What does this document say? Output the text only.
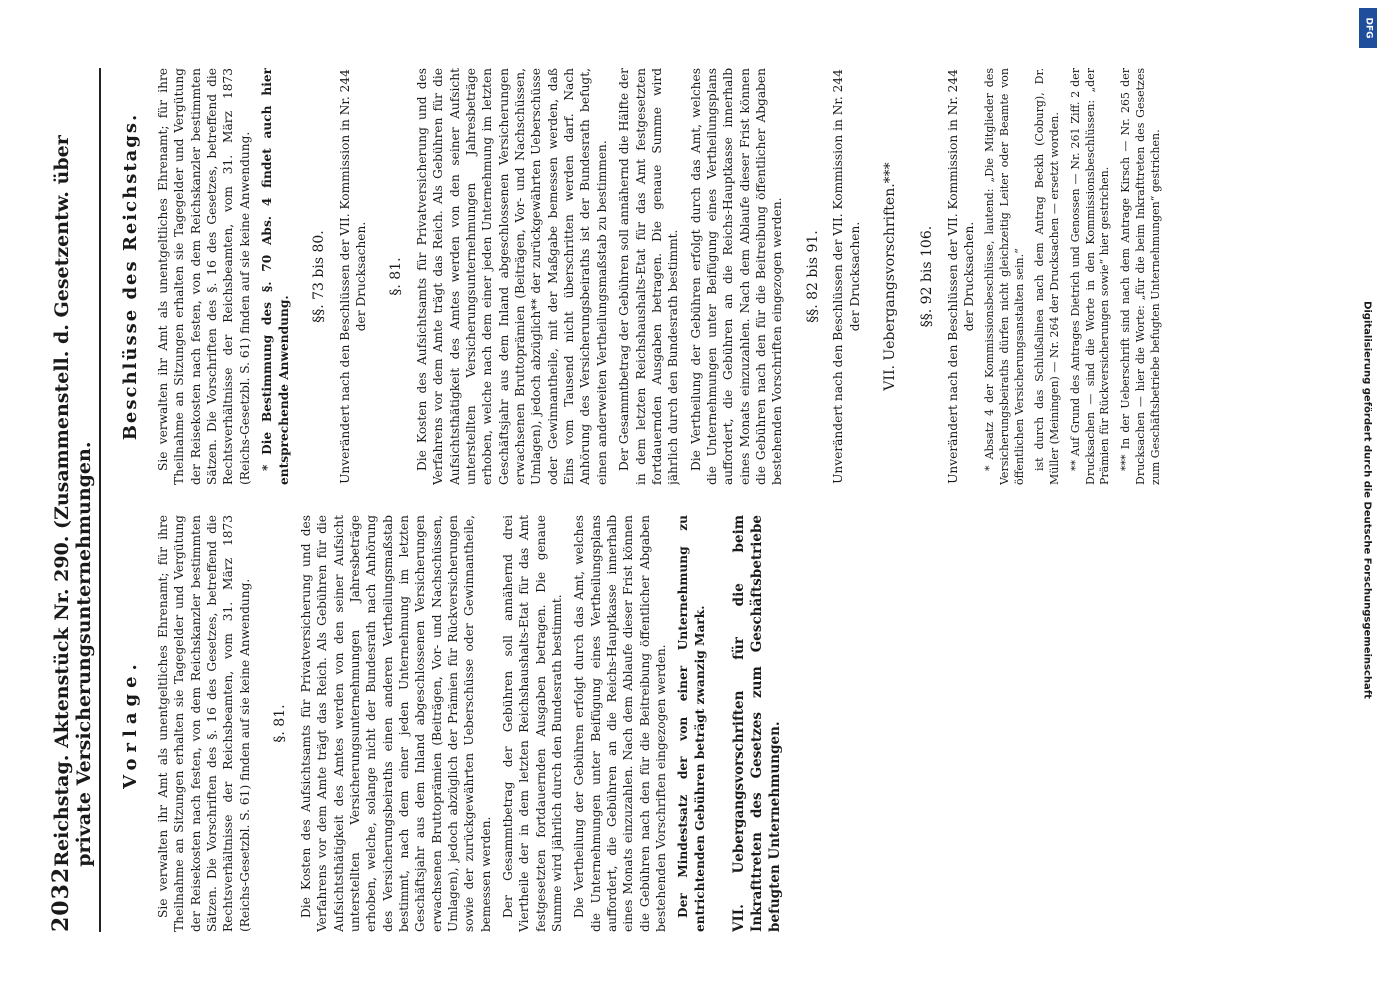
2032
Reichstag. Aktenstück Nr. 290. (Zusammenstell. d. Gesetzentw. über private Versicherungsunternehmungen. Vorlage. Sie verwalten ihr Amt als unentgeltliches Ehrenamt; für ihre Theilnahme an Sitzungen erhalten sie Tagegelder und Vergütung der Reisekosten nach festen, von dem Reichskanzler bestimmten Sätzen. Die Vorschriften des §. 16 des Gesetzes, betreffend die Rechtsverhältnisse der Reichsbeamten, vom 31. März 1873 (Reichs-Gesetzbl. S. 61) finden auf sie keine Anwendung. §. 81. Die Kosten des Aufsichtsamts für Privatversicherung und des Verfahrens vor dem Amte trägt das Reich. Als Gebühren für die Aufsichtsthätigkeit des Amtes werden von den seiner Aufsicht unterstellten Versicherungsunternehmungen Jahresbeträge erhoben, welche, solange nicht der Bundesrath nach Anhörung des Versicherungsbeiraths einen anderen Vertheilungsmaßstab bestimmt, nach dem einer jeden Unternehmung im letzten Geschäftsjahr aus dem Inland abgeschlossenen Versicherungen erwachsenen Bruttoprämien (Beiträgen, Vor- und Nachschüssen, Umlagen), jedoch abzüglich der Prämien für Rückversicherungen sowie der zurückgewährten Ueberschüsse oder Gewinnantheile, bemessen werden. Der Gesammtbetrag der Gebühren soll annähernd drei Viertheile der in dem letzten Reichshaushalts-Etat für das Amt festgesetzten fortdauernden Ausgaben betragen. Die genaue Summe wird jährlich durch den Bundesrath bestimmt. Die Vertheilung der Gebühren erfolgt durch das Amt, welches die Unternehmungen unter Beifügung eines Vertheilungsplans auffordert, die Gebühren an die Reichs-Hauptkasse innerhalb eines Monats einzuzahlen. Nach dem Ablaufe dieser Frist können die Gebühren nach den für die Beitreibung öffentlicher Abgaben bestehenden Vorschriften eingezogen werden. Der Mindestsatz der von einer Unternehmung zu entrichtenden Gebühren beträgt zwanzig Mark. VII. Uebergangsvorschriften für die beim Inkrafttreten des Gesetzes zum Geschäftsbetriebe befugten Unternehmungen.

Beschlüsse des Reichstags. Sie verwalten ihr Amt als unentgeltliches Ehrenamt; für ihre Theilnahme an Sitzungen erhalten sie Tagegelder und Vergütung der Reisekosten nach festen, von dem Reichskanzler bestimmten Sätzen. Die Vorschriften des §. 16 des Gesetzes, betreffend die Rechtsverhältnisse der Reichsbeamten, vom 31. März 1873 (Reichs-Gesetzbl. S. 61) finden auf sie keine Anwendung. * Die Bestimmung des §. 70 Abs. 4 findet auch hier entsprechende Anwendung.

§§. 73 bis 80. Unverändert nach den Beschlüssen der VII. Kommission in Nr. 244 der Drucksachen. §. 81. Die Kosten des Aufsichtsamts für Privatversicherung und des Verfahrens vor dem Amte trägt das Reich. Als Gebühren für die Aufsichtsthätigkeit des Amtes werden von den seiner Aufsicht unterstellten Versicherungsunternehmungen Jahresbeträge erhoben, welche nach dem einer jeden Unternehmung im letzten Geschäftsjahr aus dem Inland abgeschlossenen Versicherungen erwachsenen Bruttoprämien (Beiträgen, Vor- und Nachschüssen, Umlagen), jedoch abzüglich** der zurückgewährten Ueberschüsse oder Gewinnantheile, mit der Maßgabe bemessen werden, daß Eins vom Tausend nicht überschritten werden darf. Nach Anhörung des Versicherungsbeiraths ist der Bundesrath befugt, einen anderweiten Vertheilungsmaßstab zu bestimmen. Der Gesammtbetrag der Gebühren soll annähernd die Hälfte der in dem letzten Reichshaushalts-Etat für das Amt festgesetzten fortdauernden Ausgaben betragen. Die genaue Summe wird jährlich durch den Bundesrath bestimmt. Die Vertheilung der Gebühren erfolgt durch das Amt, welches die Unternehmungen unter Beifügung eines Vertheilungsplans auffordert, die Gebühren an die Reichs-Hauptkasse innerhalb eines Monats einzuzahlen. Nach dem Ablaufe dieser Frist können die Gebühren nach den für die Beitreibung öffentlicher Abgaben bestehenden Vorschriften eingezogen werden. §§. 82 bis 91. Unverändert nach den Beschlüssen der VII. Kommission in Nr. 244 der Drucksachen. VII. Uebergangsvorschriften.*** §§. 92 bis 106. Unverändert nach den Beschlüssen der VII. Kommission in Nr. 244 der Drucksachen. * Absatz 4 der Kommissionsbeschlüsse, lautend: „Die Mitglieder des Versicherungsbeiraths dürfen nicht gleichzeitig Leiter oder Beamte von öffentlichen Versicherungsanstalten sein.“ ist durch das Schlußalinea nach dem Antrag Beckh (Coburg), Dr. Müller (Meiningen) — Nr. 264 der Drucksachen — ersetzt worden. ** Auf Grund des Antrages Dietrich und Genossen — Nr. 261 Ziff. 2 der Drucksachen — sind die Worte in den Kommissionsbeschlüssen: „der Prämien für Rückversicherungen sowie“ hier gestrichen. *** In der Ueberschrift sind nach dem Antrage Kirsch — Nr. 265 der Drucksachen — hier die Worte: „für die beim Inkrafttreten des Gesetzes zum Geschäftsbetriebe befugten Unternehmungen“ gestrichen.

DFG
Digitalisierung gefördert durch die Deutsche Forschungsgemeinschaft
